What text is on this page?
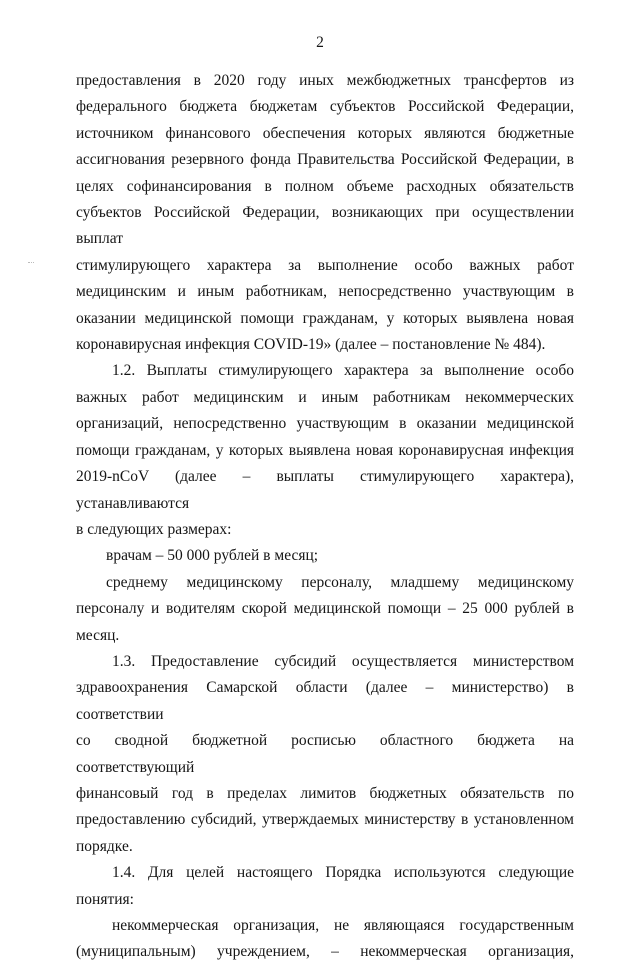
2

предоставления в 2020 году иных межбюджетных трансфертов из

федерального бюджета бюджетам субъектов Российской Федерации,

источником финансового обеспечения которых являются бюджетные

ассигнования резервного фонда Правительства Российской Федерации, в

целях софинансирования в полном объеме расходных обязательств

субъектов Российской Федерации, возникающих при осуществлении выплат

стимулирующего характера за выполнение особо важных работ

медицинским и иным работникам, непосредственно участвующим в

оказании медицинской помощи гражданам, у которых выявлена новая

коронавирусная инфекция COVID-19» (далее – постановление № 484).

1.2. Выплаты стимулирующего характера за выполнение особо

важных работ медицинским и иным работникам некоммерческих

организаций, непосредственно участвующим в оказании медицинской

помощи гражданам, у которых выявлена новая коронавирусная инфекция

2019-nCoV (далее – выплаты стимулирующего характера), устанавливаются

в следующих размерах:

врачам – 50 000 рублей в месяц;

среднему медицинскому персоналу, младшему медицинскому

персоналу и водителям скорой медицинской помощи – 25 000 рублей в

месяц.

1.3. Предоставление субсидий осуществляется министерством

здравоохранения Самарской области (далее – министерство) в соответствии

со сводной бюджетной росписью областного бюджета на соответствующий

финансовый год в пределах лимитов бюджетных обязательств по

предоставлению субсидий, утверждаемых министерству в установленном

порядке.

1.4. Для целей настоящего Порядка используются следующие

понятия:

некоммерческая организация, не являющаяся государственным

(муниципальным) учреждением, – некоммерческая организация,
